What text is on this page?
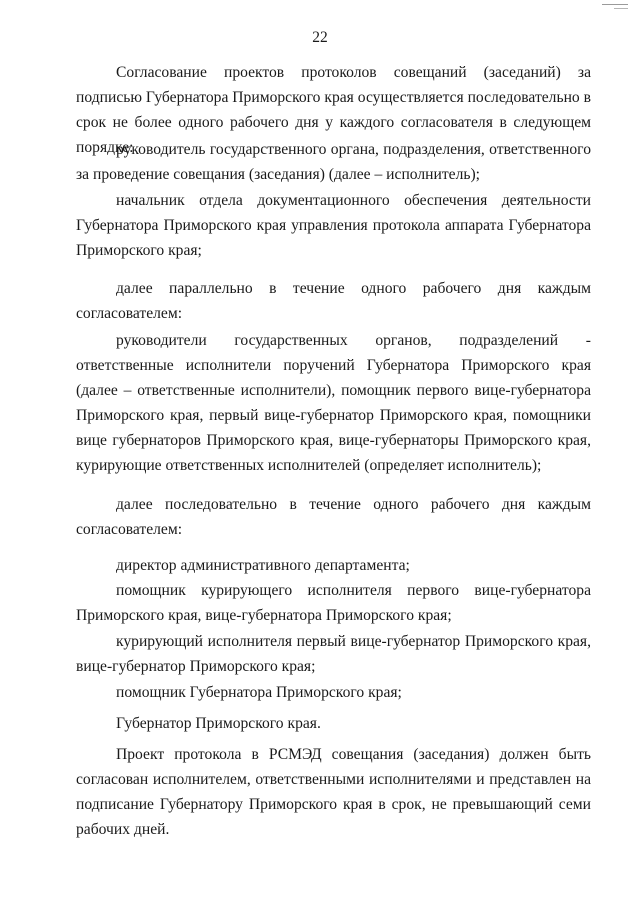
22

Согласование проектов протоколов совещаний (заседаний) за подписью Губернатора Приморского края осуществляется последовательно в срок не более одного рабочего дня у каждого согласователя в следующем порядке:

руководитель государственного органа, подразделения, ответственного за проведение совещания (заседания) (далее – исполнитель);

начальник отдела документационного обеспечения деятельности Губернатора Приморского края управления протокола аппарата Губернатора Приморского края;

далее параллельно в течение одного рабочего дня каждым согласователем:

руководители государственных органов, подразделений - ответственные исполнители поручений Губернатора Приморского края (далее – ответственные исполнители), помощник первого вице-губернатора Приморского края, первый вице-губернатор Приморского края, помощники вице губернаторов Приморского края, вице-губернаторы Приморского края, курирующие ответственных исполнителей (определяет исполнитель);

далее последовательно в течение одного рабочего дня каждым согласователем:

директор административного департамента;

помощник курирующего исполнителя первого вице-губернатора Приморского края, вице-губернатора Приморского края;

курирующий исполнителя первый вице-губернатор Приморского края, вице-губернатор Приморского края;

помощник Губернатора Приморского края;

Губернатор Приморского края.

Проект протокола в РСМЭД совещания (заседания) должен быть согласован исполнителем, ответственными исполнителями и представлен на подписание Губернатору Приморского края в срок, не превышающий семи рабочих дней.
